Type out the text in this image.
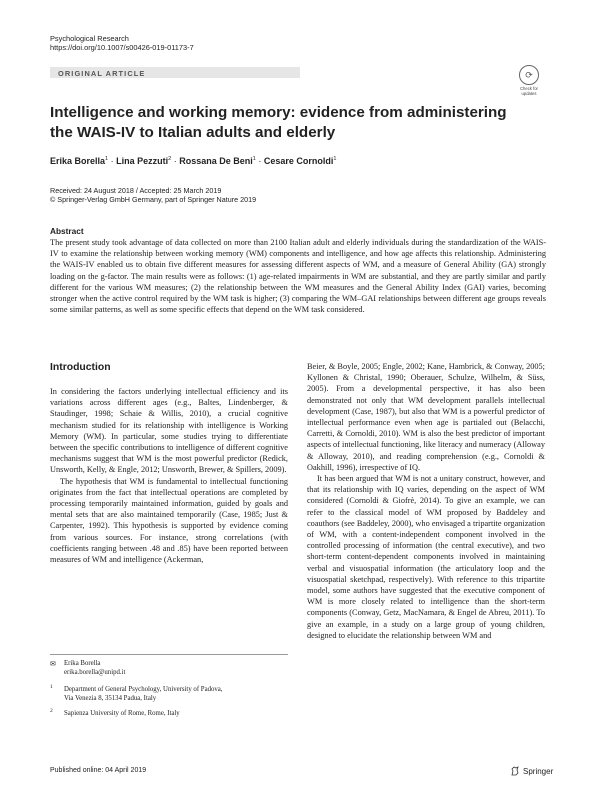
Psychological Research
https://doi.org/10.1007/s00426-019-01173-7
ORIGINAL ARTICLE	⟳
Check for
updates
Intelligence and working memory: evidence from administering the WAIS-IV to Italian adults and elderly
Erika Borella$^1$ · Lina Pezzuti$^2$ · Rossana De Beni$^1$ · Cesare Cornoldi$^1$
Received: 24 August 2018 / Accepted: 25 March 2019
© Springer-Verlag GmbH Germany, part of Springer Nature 2019
Abstract
The present study took advantage of data collected on more than 2100 Italian adult and elderly individuals during the standardization of the WAIS-IV to examine the relationship between working memory (WM) components and intelligence, and how age affects this relationship. Administering the WAIS-IV enabled us to obtain five different measures for assessing different aspects of WM, and a measure of General Ability (GA) strongly loading on the g-factor. The main results were as follows: (1) age-related impairments in WM are substantial, and they are partly similar and partly different for the various WM measures; (2) the relationship between the WM measures and the General Ability Index (GAI) varies, becoming stronger when the active control required by the WM task is higher; (3) comparing the WM–GAI relationships between different age groups reveals some similar patterns, as well as some specific effects that depend on the WM task considered.
Introduction

In considering the factors underlying intellectual efficiency and its variations across different ages (e.g., Baltes, Lindenberger, & Staudinger, 1998; Schaie & Willis, 2010), a crucial cognitive mechanism studied for its relationship with intelligence is Working Memory (WM). In particular, some studies trying to differentiate between the specific contributions to intelligence of different cognitive mechanisms suggest that WM is the most powerful predictor (Redick, Unsworth, Kelly, & Engle, 2012; Unsworth, Brewer, & Spillers, 2009).

The hypothesis that WM is fundamental to intellectual functioning originates from the fact that intellectual operations are completed by processing temporarily maintained information, guided by goals and mental sets that are also maintained temporarily (Case, 1985; Just & Carpenter, 1992). This hypothesis is supported by evidence coming from various sources. For instance, strong correlations (with coefficients ranging between .48 and .85) have been reported between measures of WM and intelligence (Ackerman,

Beier, & Boyle, 2005; Engle, 2002; Kane, Hambrick, & Conway, 2005; Kyllonen & Christal, 1990; Oberauer, Schulze, Wilhelm, & Süss, 2005). From a developmental perspective, it has also been demonstrated not only that WM development parallels intellectual development (Case, 1987), but also that WM is a powerful predictor of intellectual performance even when age is partialed out (Belacchi, Carretti, & Cornoldi, 2010). WM is also the best predictor of important aspects of intellectual functioning, like literacy and numeracy (Alloway & Alloway, 2010), and reading comprehension (e.g., Cornoldi & Oakhill, 1996), irrespective of IQ.

It has been argued that WM is not a unitary construct, however, and that its relationship with IQ varies, depending on the aspect of WM considered (Cornoldi & Giofrè, 2014). To give an example, we can refer to the classical model of WM proposed by Baddeley and coauthors (see Baddeley, 2000), who envisaged a tripartite organization of WM, with a content-independent component involved in the controlled processing of information (the central executive), and two short-term content-dependent components involved in maintaining verbal and visuospatial information (the articulatory loop and the visuospatial sketchpad, respectively). With reference to this tripartite model, some authors have suggested that the executive component of WM is more closely related to intelligence than the short-term components (Conway, Getz, MacNamara, & Engel de Abreu, 2011). To give an example, in a study on a large group of young children, designed to elucidate the relationship between WM and

✉ Erika Borella
erika.borella@unipd.it
1 Department of General Psychology, University of Padova,
Via Venezia 8, 35134 Padua, Italy
2 Sapienza University of Rome, Rome, Italy
Published online: 04 April 2019	Springer
